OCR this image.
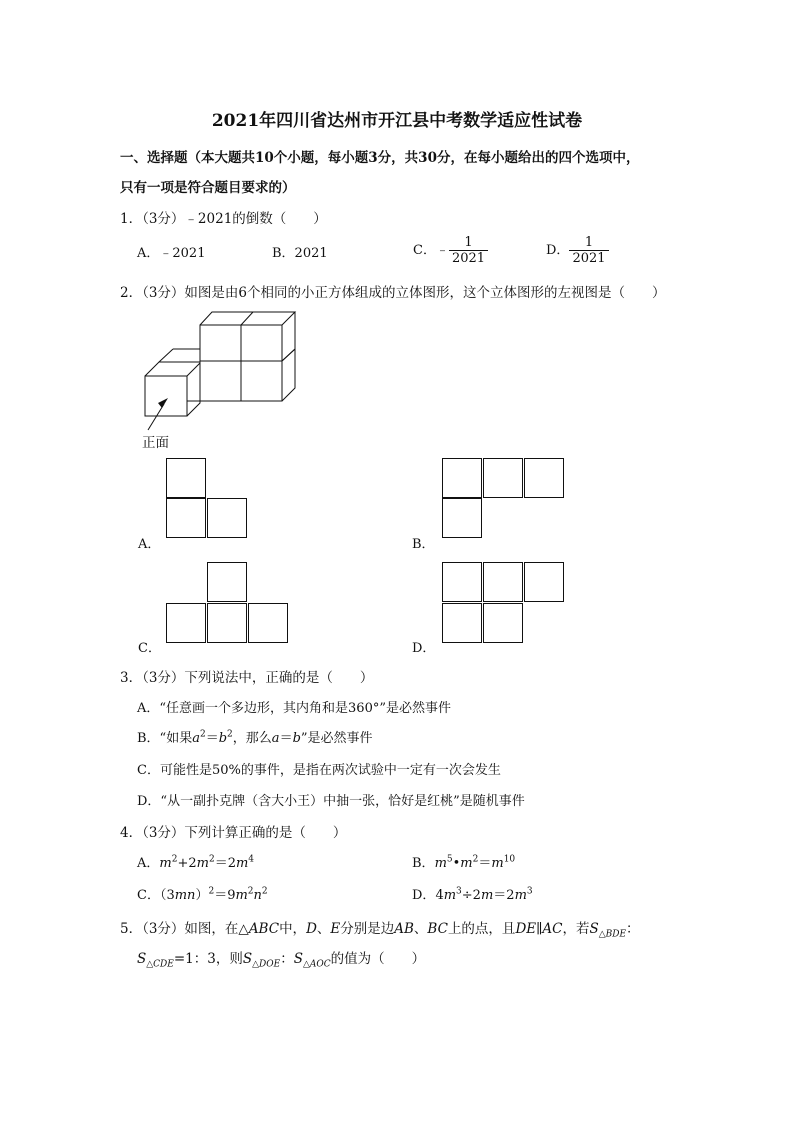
2021年四川省达州市开江县中考数学适应性试卷
一、选择题（本大题共10个小题，每小题3分，共30分，在每小题给出的四个选项中，
只有一项是符合题目要求的）
1．（3分）﹣2021的倒数（　　）
A．﹣2021	B．2021	C．﹣ $\frac{1}{2021}$	D． $\frac{1}{2021}$
2．（3分）如图是由6个相同的小正方体组成的立体图形，这个立体图形的左视图是（　　）
正面
A．	B．
C．	D．
3．（3分）下列说法中，正确的是（　　）
A．“任意画一个多边形，其内角和是360°”是必然事件
B．“如果$a^2=b^2$，那么a＝b”是必然事件
C．可能性是50%的事件，是指在两次试验中一定有一次会发生
D．“从一副扑克牌（含大小王）中抽一张，恰好是红桃”是随机事件
4．（3分）下列计算正确的是（　　）
A．$m^2+2m^2=2m^4$	B．$m^5•m^2=m^{10}$
C．$(3mn)^2=9m^2n^2$	D．$4m^3\div 2m=2m^3$
5．（3分）如图，在△ABC中，D、E分别是边AB、BC上的点，且DE∥AC，若$S_{\triangle BDE}$：
$S_{\triangle CDE}=1$：3，则$S_{\triangle DOE}$：$S_{\triangle AOC}$的值为（　　）
